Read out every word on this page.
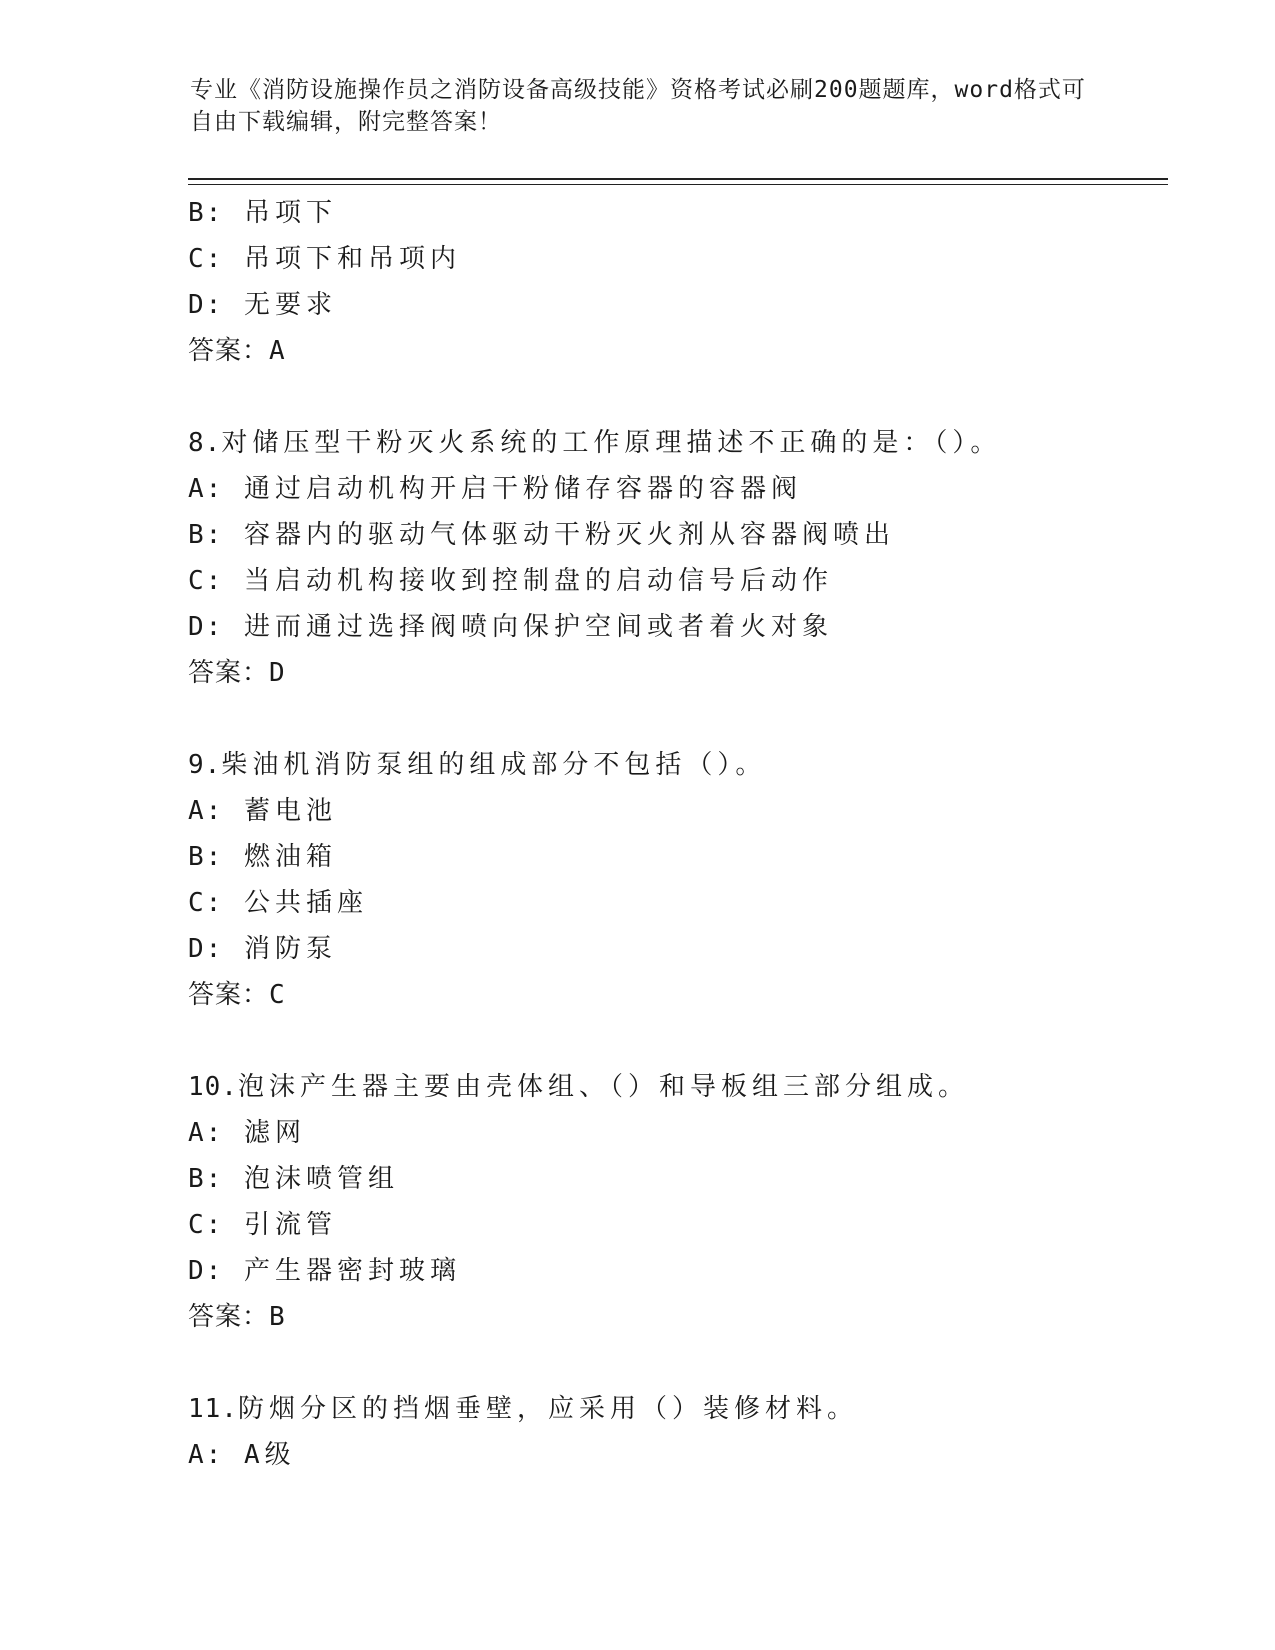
专业《消防设施操作员之消防设备高级技能》资格考试必刷200题题库，word格式可自由下载编辑，附完整答案！
B: 吊项下
C: 吊项下和吊项内
D: 无要求
答案：A
8.对储压型干粉灭火系统的工作原理描述不正确的是：（）。
A: 通过启动机构开启干粉储存容器的容器阀
B: 容器内的驱动气体驱动干粉灭火剂从容器阀喷出
C: 当启动机构接收到控制盘的启动信号后动作
D: 进而通过选择阀喷向保护空间或者着火对象
答案：D
9.柴油机消防泵组的组成部分不包括（）。
A: 蓄电池
B: 燃油箱
C: 公共插座
D: 消防泵
答案：C
10.泡沫产生器主要由壳体组、（）和导板组三部分组成。
A: 滤网
B: 泡沫喷管组
C: 引流管
D: 产生器密封玻璃
答案：B
11.防烟分区的挡烟垂壁，应采用（）装修材料。
A: A级
